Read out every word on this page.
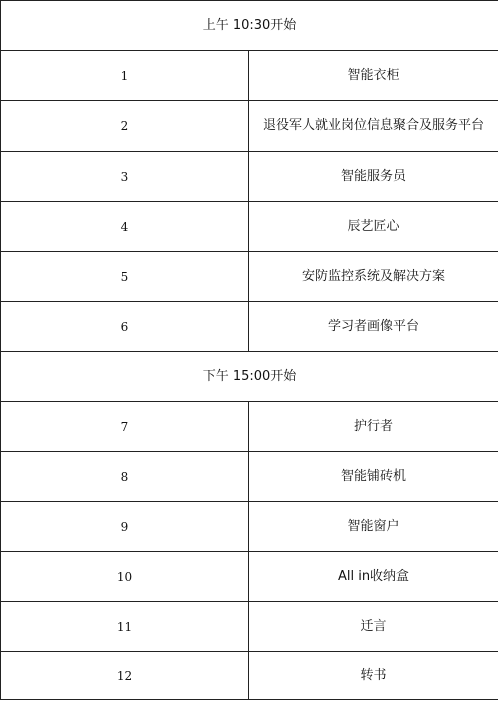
上午 10:30开始	
1	智能衣柜
2	退役军人就业岗位信息聚合及服务平台
3	智能服务员
4	辰艺匠心
5	安防监控系统及解决方案
6	学习者画像平台
下午 15:00开始	
7	护行者
8	智能铺砖机
9	智能窗户
10	All in收纳盒
11	迁言
12	转书
